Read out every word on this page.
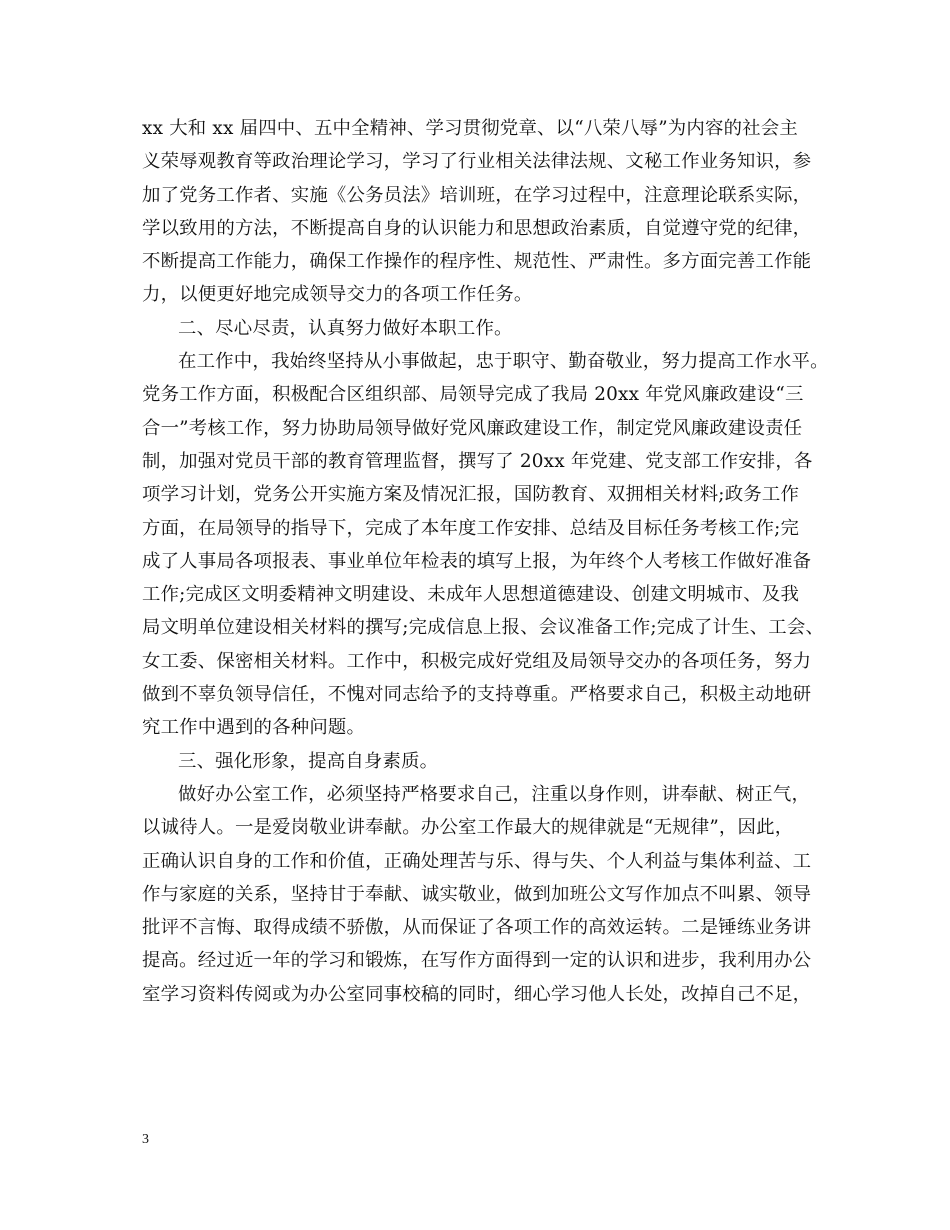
xx 大和 xx 届四中、五中全精神、学习贯彻党章、以“八荣八辱”为内容的社会主
义荣辱观教育等政治理论学习，学习了行业相关法律法规、文秘工作业务知识，参
加了党务工作者、实施《公务员法》培训班，在学习过程中，注意理论联系实际，
学以致用的方法，不断提高自身的认识能力和思想政治素质，自觉遵守党的纪律，
不断提高工作能力，确保工作操作的程序性、规范性、严肃性。多方面完善工作能
力，以便更好地完成领导交力的各项工作任务。
二、尽心尽责，认真努力做好本职工作。
在工作中，我始终坚持从小事做起，忠于职守、勤奋敬业，努力提高工作水平。
党务工作方面，积极配合区组织部、局领导完成了我局 20xx 年党风廉政建设“三
合一”考核工作，努力协助局领导做好党风廉政建设工作，制定党风廉政建设责任
制，加强对党员干部的教育管理监督，撰写了 20xx 年党建、党支部工作安排，各
项学习计划，党务公开实施方案及情况汇报，国防教育、双拥相关材料;政务工作
方面，在局领导的指导下，完成了本年度工作安排、总结及目标任务考核工作;完
成了人事局各项报表、事业单位年检表的填写上报，为年终个人考核工作做好准备
工作;完成区文明委精神文明建设、未成年人思想道德建设、创建文明城市、及我
局文明单位建设相关材料的撰写;完成信息上报、会议准备工作;完成了计生、工会、
女工委、保密相关材料。工作中，积极完成好党组及局领导交办的各项任务，努力
做到不辜负领导信任，不愧对同志给予的支持尊重。严格要求自己，积极主动地研
究工作中遇到的各种问题。
三、强化形象，提高自身素质。
做好办公室工作，必须坚持严格要求自己，注重以身作则，讲奉献、树正气，
以诚待人。一是爱岗敬业讲奉献。办公室工作最大的规律就是“无规律”，因此，
正确认识自身的工作和价值，正确处理苦与乐、得与失、个人利益与集体利益、工
作与家庭的关系，坚持甘于奉献、诚实敬业，做到加班公文写作加点不叫累、领导
批评不言悔、取得成绩不骄傲，从而保证了各项工作的高效运转。二是锤练业务讲
提高。经过近一年的学习和锻炼，在写作方面得到一定的认识和进步，我利用办公
室学习资料传阅或为办公室同事校稿的同时，细心学习他人长处，改掉自己不足，
3
